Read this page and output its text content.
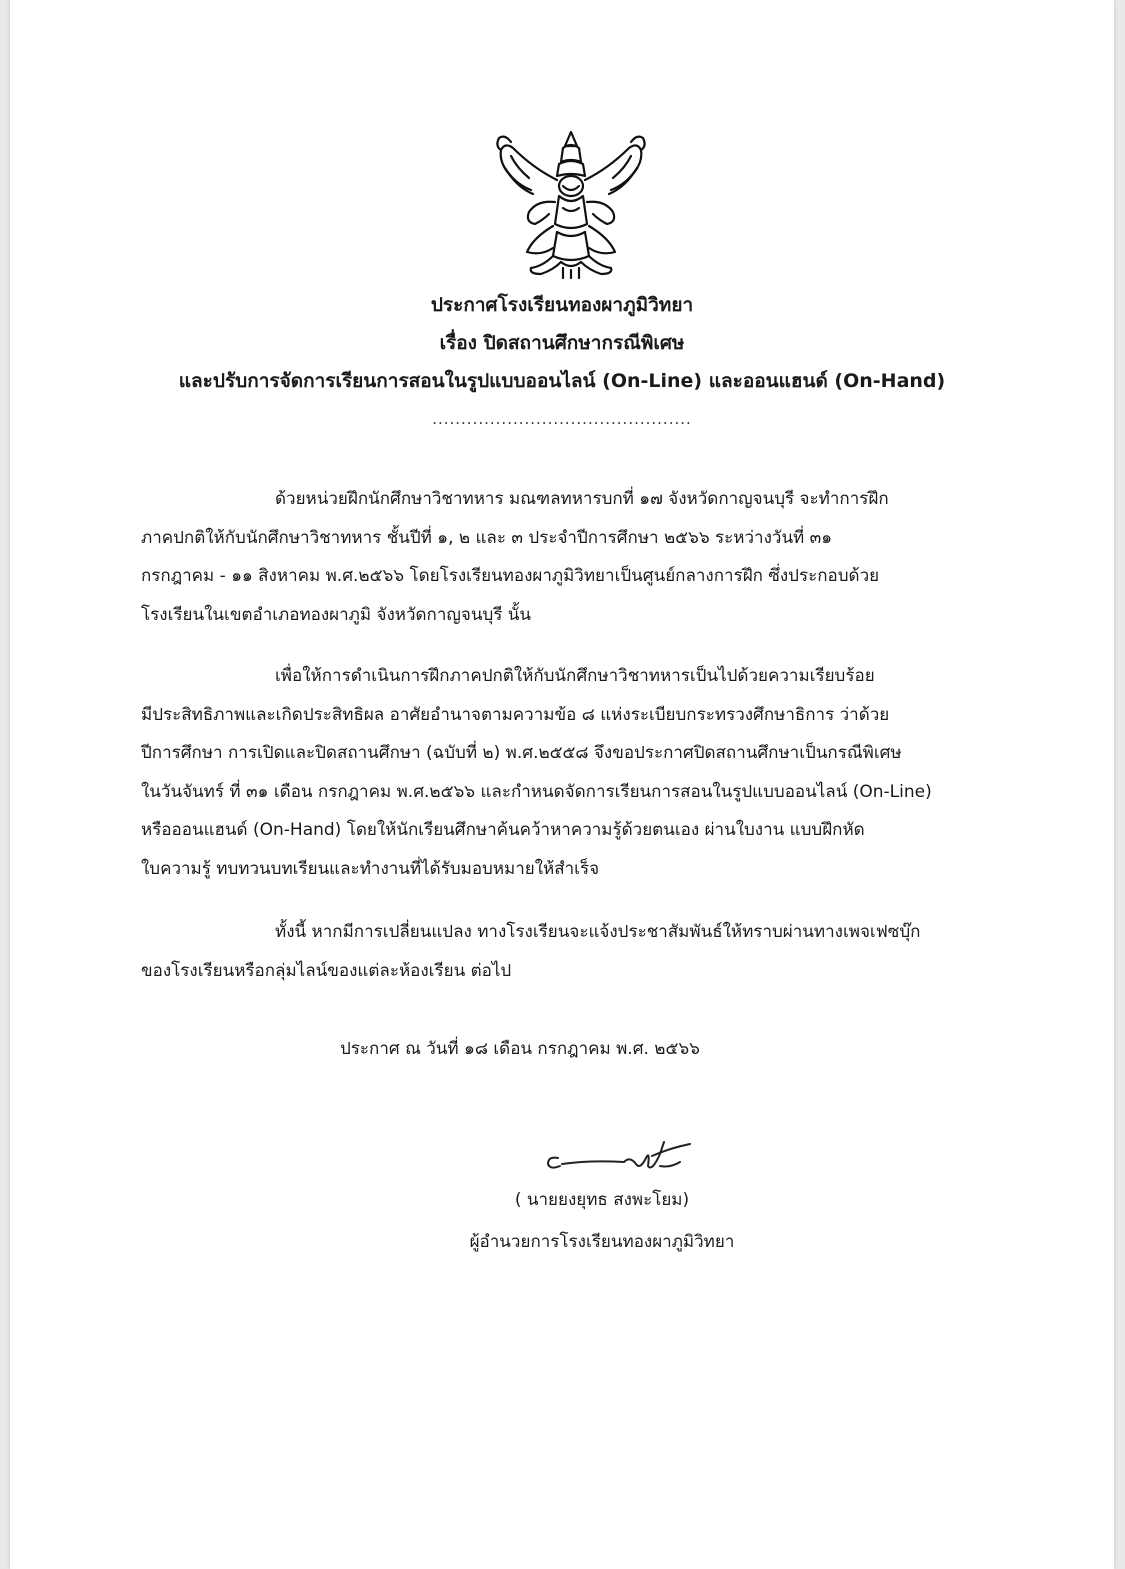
ประกาศโรงเรียนทองผาภูมิวิทยา
เรื่อง ปิดสถานศึกษากรณีพิเศษ
และปรับการจัดการเรียนการสอนในรูปแบบออนไลน์ (On-Line) และออนแฮนด์ (On-Hand)
.............................................
ด้วยหน่วยฝึกนักศึกษาวิชาทหาร มณฑลทหารบกที่ ๑๗ จังหวัดกาญจนบุรี จะทำการฝึก
ภาคปกติให้กับนักศึกษาวิชาทหาร ชั้นปีที่ ๑, ๒ และ ๓ ประจำปีการศึกษา ๒๕๖๖ ระหว่างวันที่ ๓๑
กรกฎาคม - ๑๑ สิงหาคม พ.ศ.๒๕๖๖ โดยโรงเรียนทองผาภูมิวิทยาเป็นศูนย์กลางการฝึก ซึ่งประกอบด้วย
โรงเรียนในเขตอำเภอทองผาภูมิ จังหวัดกาญจนบุรี นั้น
เพื่อให้การดำเนินการฝึกภาคปกติให้กับนักศึกษาวิชาทหารเป็นไปด้วยความเรียบร้อย
มีประสิทธิภาพและเกิดประสิทธิผล อาศัยอำนาจตามความข้อ ๘ แห่งระเบียบกระทรวงศึกษาธิการ ว่าด้วย
ปีการศึกษา การเปิดและปิดสถานศึกษา (ฉบับที่ ๒) พ.ศ.๒๕๕๘ จึงขอประกาศปิดสถานศึกษาเป็นกรณีพิเศษ
ในวันจันทร์ ที่ ๓๑ เดือน กรกฎาคม พ.ศ.๒๕๖๖ และกำหนดจัดการเรียนการสอนในรูปแบบออนไลน์ (On-Line)
หรือออนแฮนด์ (On-Hand) โดยให้นักเรียนศึกษาค้นคว้าหาความรู้ด้วยตนเอง ผ่านใบงาน แบบฝึกหัด
ใบความรู้ ทบทวนบทเรียนและทำงานที่ได้รับมอบหมายให้สำเร็จ
ทั้งนี้ หากมีการเปลี่ยนแปลง ทางโรงเรียนจะแจ้งประชาสัมพันธ์ให้ทราบผ่านทางเพจเฟซบุ๊ก
ของโรงเรียนหรือกลุ่มไลน์ของแต่ละห้องเรียน ต่อไป
ประกาศ ณ วันที่ ๑๘ เดือน กรกฎาคม พ.ศ. ๒๕๖๖
( นายยงยุทธ สงพะโยม)
ผู้อำนวยการโรงเรียนทองผาภูมิวิทยา
